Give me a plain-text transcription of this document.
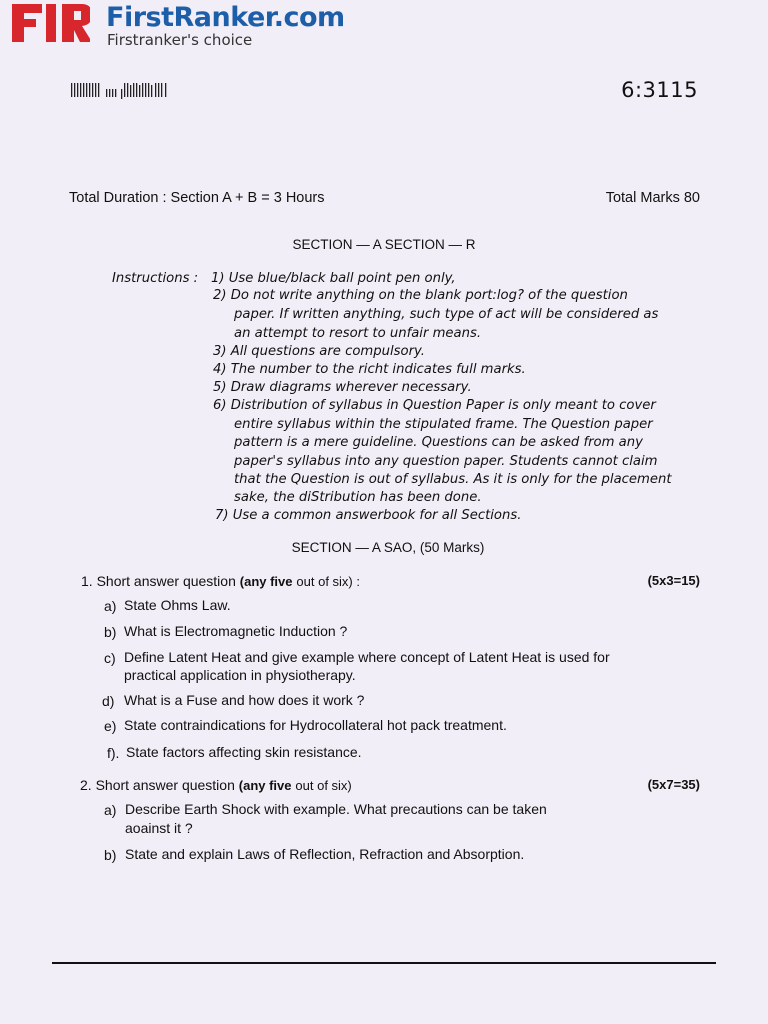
FirstRanker.com
Firstranker's choice
6:3115
Total Duration : Section A + B = 3 Hours	Total Marks 80
SECTION — A SECTION — R
Instructions : 1) Use blue/black ball point pen only,
2) Do not write anything on the blank port:log? of the question
paper. If written anything, such type of act will be considered as
an attempt to resort to unfair means.
3) All questions are compulsory.
4) The number to the richt indicates full marks.
5) Draw diagrams wherever necessary.
6) Distribution of syllabus in Question Paper is only meant to cover
entire syllabus within the stipulated frame. The Question paper
pattern is a mere guideline. Questions can be asked from any
paper's syllabus into any question paper. Students cannot claim
that the Question is out of syllabus. As it is only for the placement
sake, the diStribution has been done.
7) Use a common answerbook for all Sections.
SECTION — A SAO, (50 Marks)
1. Short answer question (any five out of six) :	(5x3=15)
a) State Ohms Law.
b) What is Electromagnetic Induction ?
c) Define Latent Heat and give example where concept of Latent Heat is used for
practical application in physiotherapy.
d) What is a Fuse and how does it work ?
e) State contraindications for Hydrocollateral hot pack treatment.
f). State factors affecting skin resistance.
2. Short answer question (any five out of six)	(5x7=35)
a) Describe Earth Shock with example. What precautions can be taken
aoainst it ?
b) State and explain Laws of Reflection, Refraction and Absorption.
